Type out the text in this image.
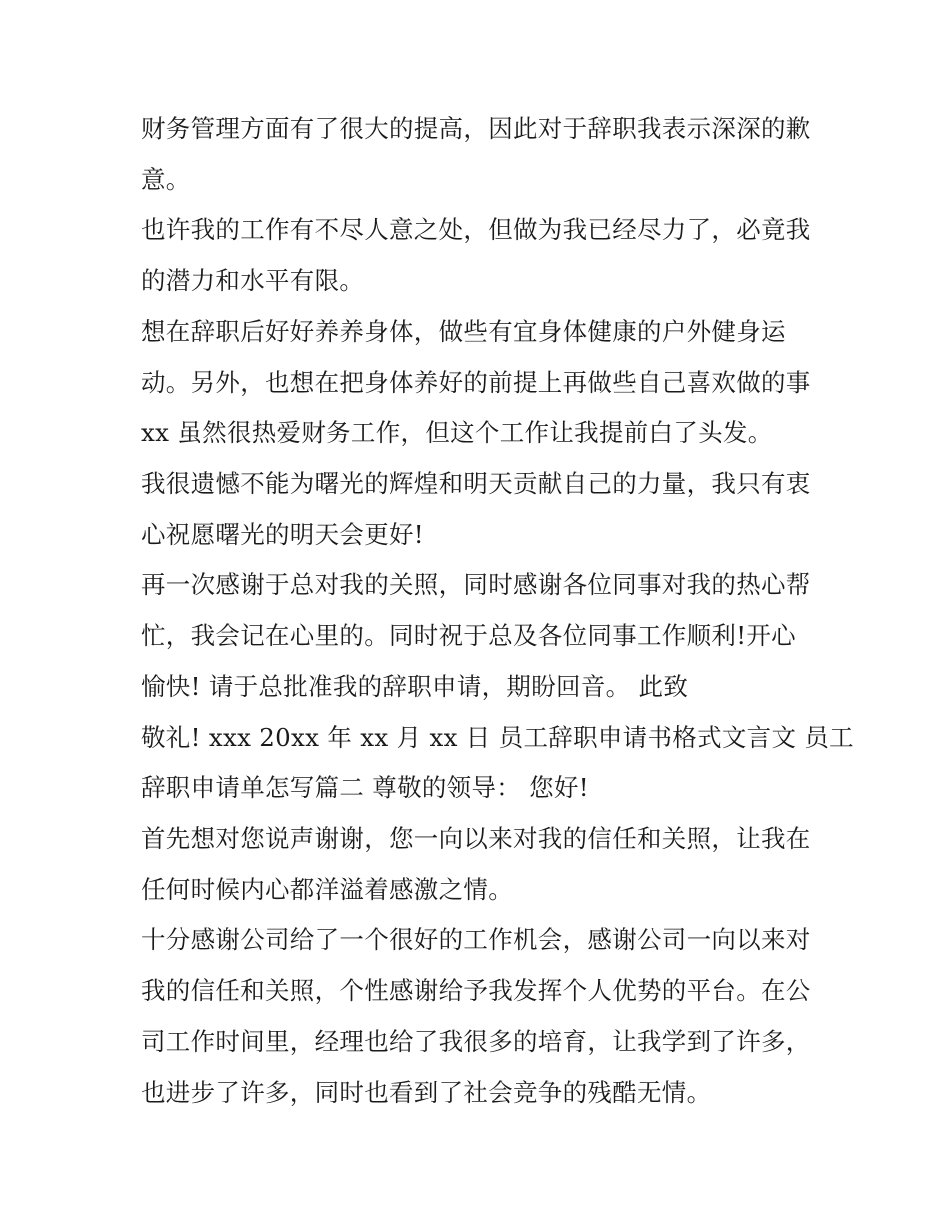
财务管理方面有了很大的提高，因此对于辞职我表示深深的歉
意。
也许我的工作有不尽人意之处，但做为我已经尽力了，必竟我
的潜力和水平有限。
想在辞职后好好养养身体，做些有宜身体健康的户外健身运
动。另外，也想在把身体养好的前提上再做些自己喜欢做的事
xx 虽然很热爱财务工作，但这个工作让我提前白了头发。
我很遗憾不能为曙光的辉煌和明天贡献自己的力量，我只有衷
心祝愿曙光的明天会更好!
再一次感谢于总对我的关照，同时感谢各位同事对我的热心帮
忙，我会记在心里的。同时祝于总及各位同事工作顺利!开心
愉快! 请于总批准我的辞职申请，期盼回音。 此致
敬礼! xxx 20xx 年 xx 月 xx 日 员工辞职申请书格式文言文 员工
辞职申请单怎写篇二 尊敬的领导： 您好!
首先想对您说声谢谢，您一向以来对我的信任和关照，让我在
任何时候内心都洋溢着感激之情。
十分感谢公司给了一个很好的工作机会，感谢公司一向以来对
我的信任和关照，个性感谢给予我发挥个人优势的平台。在公
司工作时间里，经理也给了我很多的培育，让我学到了许多，
也进步了许多，同时也看到了社会竞争的残酷无情。
